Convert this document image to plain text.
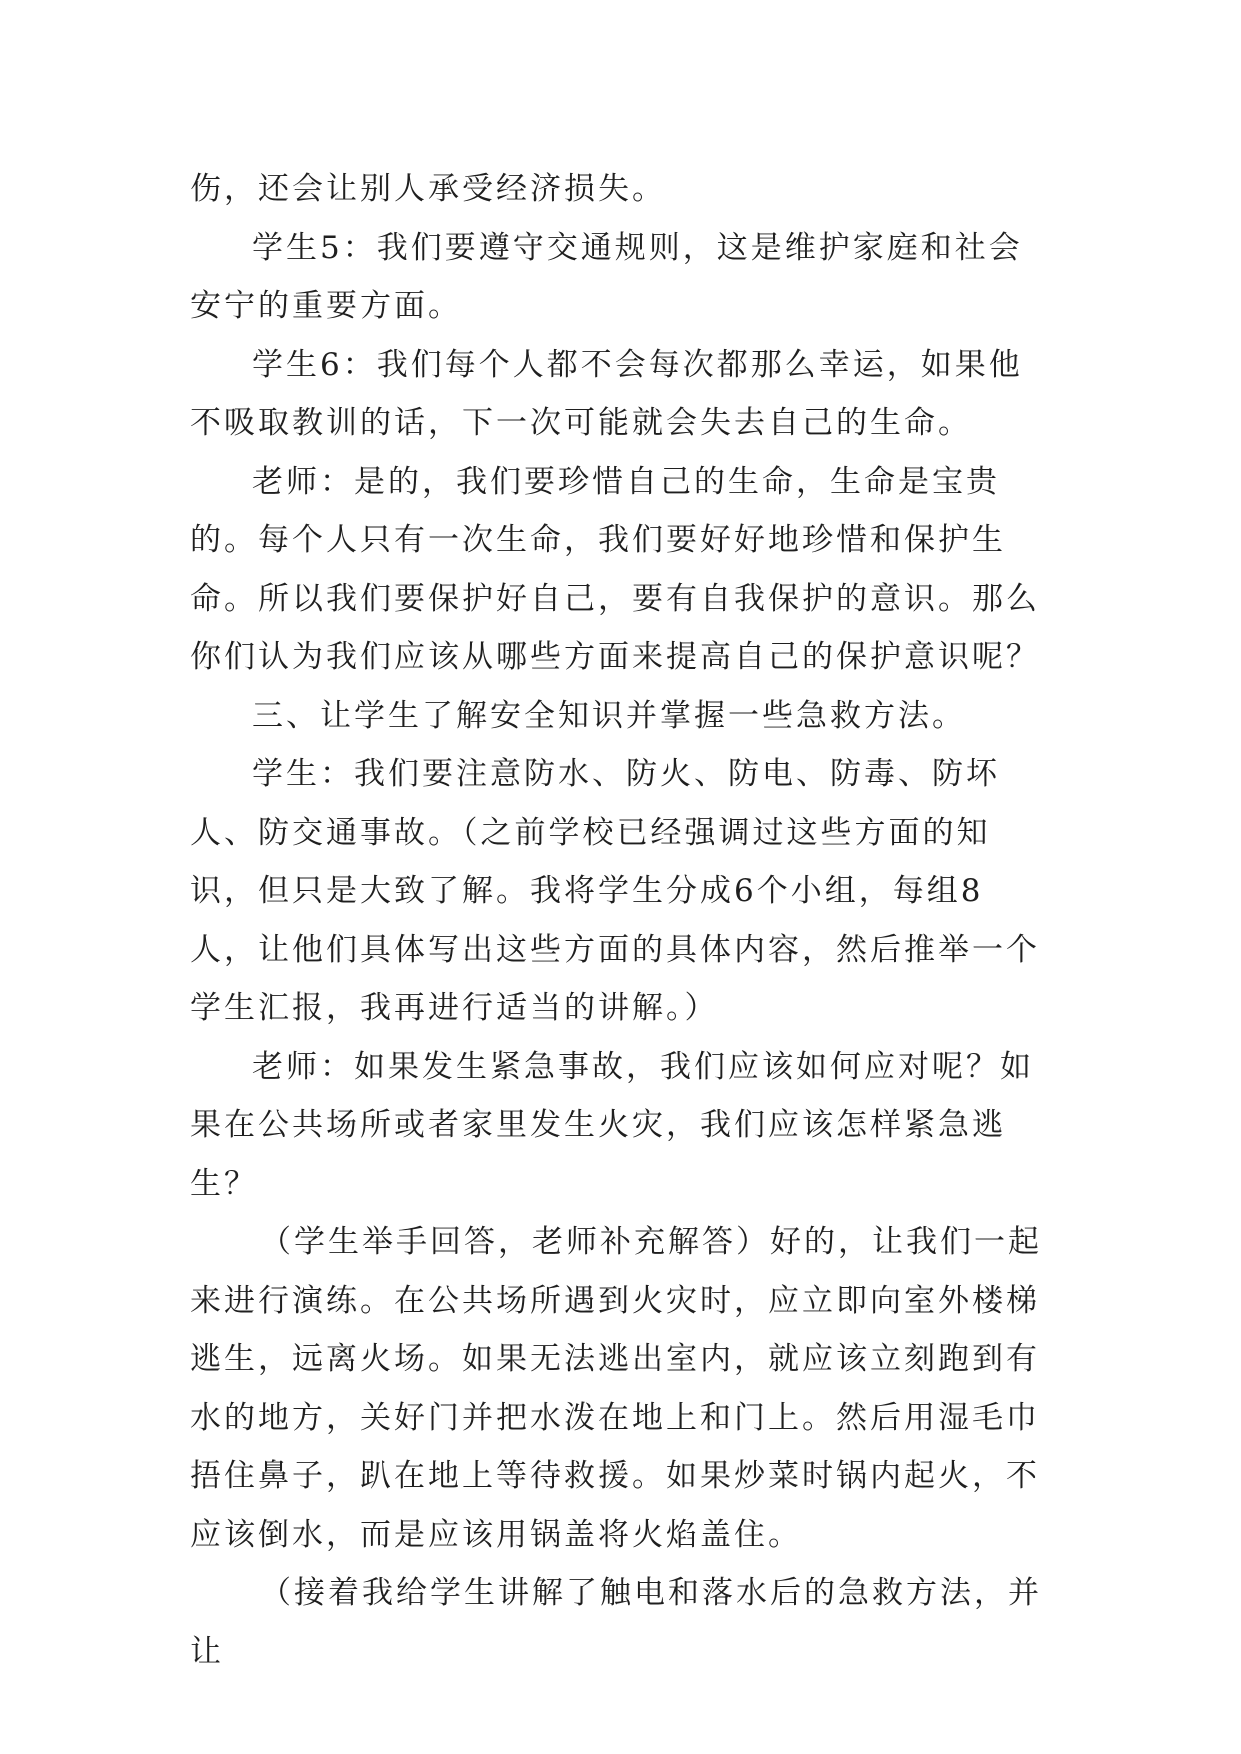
伤，还会让别人承受经济损失。

学生5：我们要遵守交通规则，这是维护家庭和社会安宁的重要方面。

学生6：我们每个人都不会每次都那么幸运，如果他不吸取教训的话，下一次可能就会失去自己的生命。

老师：是的，我们要珍惜自己的生命，生命是宝贵的。每个人只有一次生命，我们要好好地珍惜和保护生命。所以我们要保护好自己，要有自我保护的意识。那么你们认为我们应该从哪些方面来提高自己的保护意识呢？

三、让学生了解安全知识并掌握一些急救方法。

学生：我们要注意防水、防火、防电、防毒、防坏人、防交通事故。（之前学校已经强调过这些方面的知识，但只是大致了解。我将学生分成6个小组，每组8人，让他们具体写出这些方面的具体内容，然后推举一个学生汇报，我再进行适当的讲解。）

老师：如果发生紧急事故，我们应该如何应对呢？如果在公共场所或者家里发生火灾，我们应该怎样紧急逃生？

（学生举手回答，老师补充解答）好的，让我们一起来进行演练。在公共场所遇到火灾时，应立即向室外楼梯逃生，远离火场。如果无法逃出室内，就应该立刻跑到有水的地方，关好门并把水泼在地上和门上。然后用湿毛巾捂住鼻子，趴在地上等待救援。如果炒菜时锅内起火，不应该倒水，而是应该用锅盖将火焰盖住。

（接着我给学生讲解了触电和落水后的急救方法，并让
